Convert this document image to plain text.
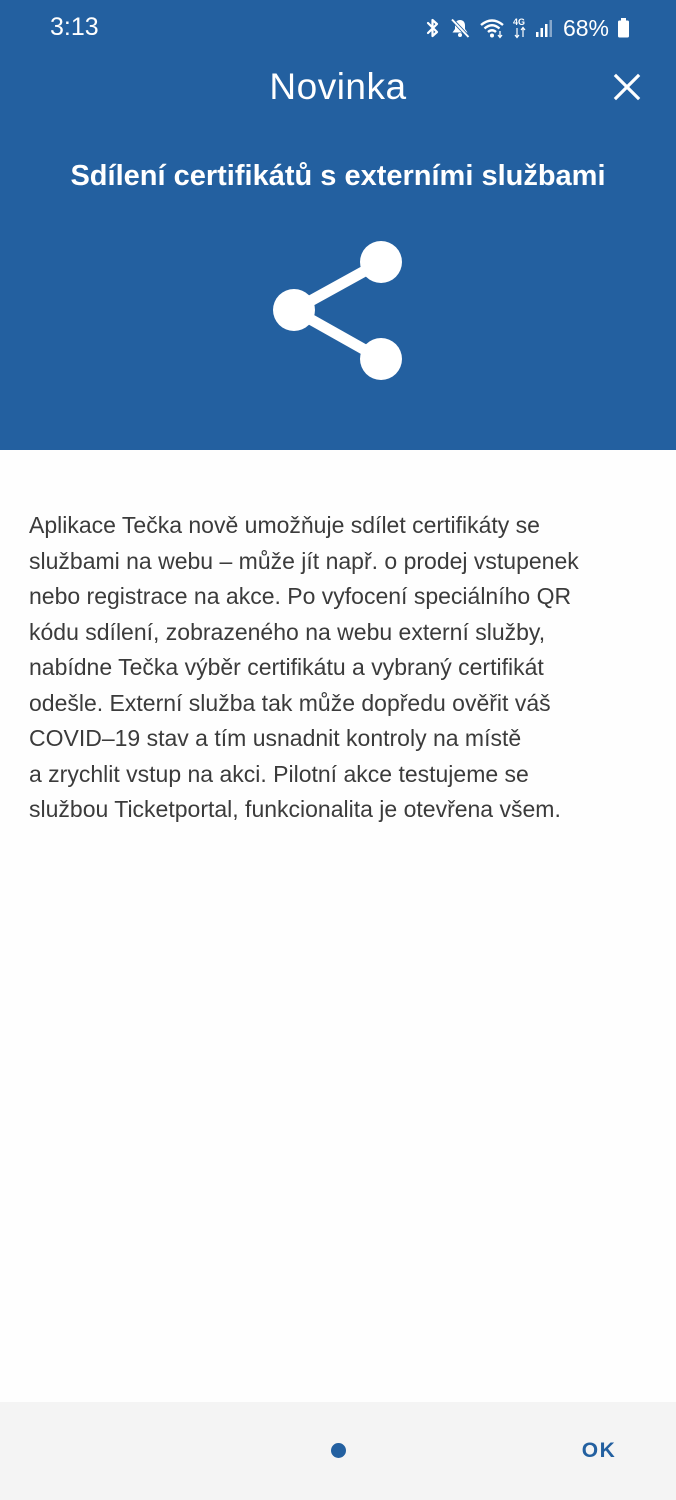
3:13	4G 68%
Novinka
Sdílení certifikátů s externími službami
Aplikace Tečka nově umožňuje sdílet certifikáty se
službami na webu – může jít např. o prodej vstupenek
nebo registrace na akce. Po vyfocení speciálního QR
kódu sdílení, zobrazeného na webu externí služby,
nabídne Tečka výběr certifikátu a vybraný certifikát
odešle. Externí služba tak může dopředu ověřit váš
COVID–19 stav a tím usnadnit kontroly na místě
a zrychlit vstup na akci. Pilotní akce testujeme se
službou Ticketportal, funkcionalita je otevřena všem.
OK
